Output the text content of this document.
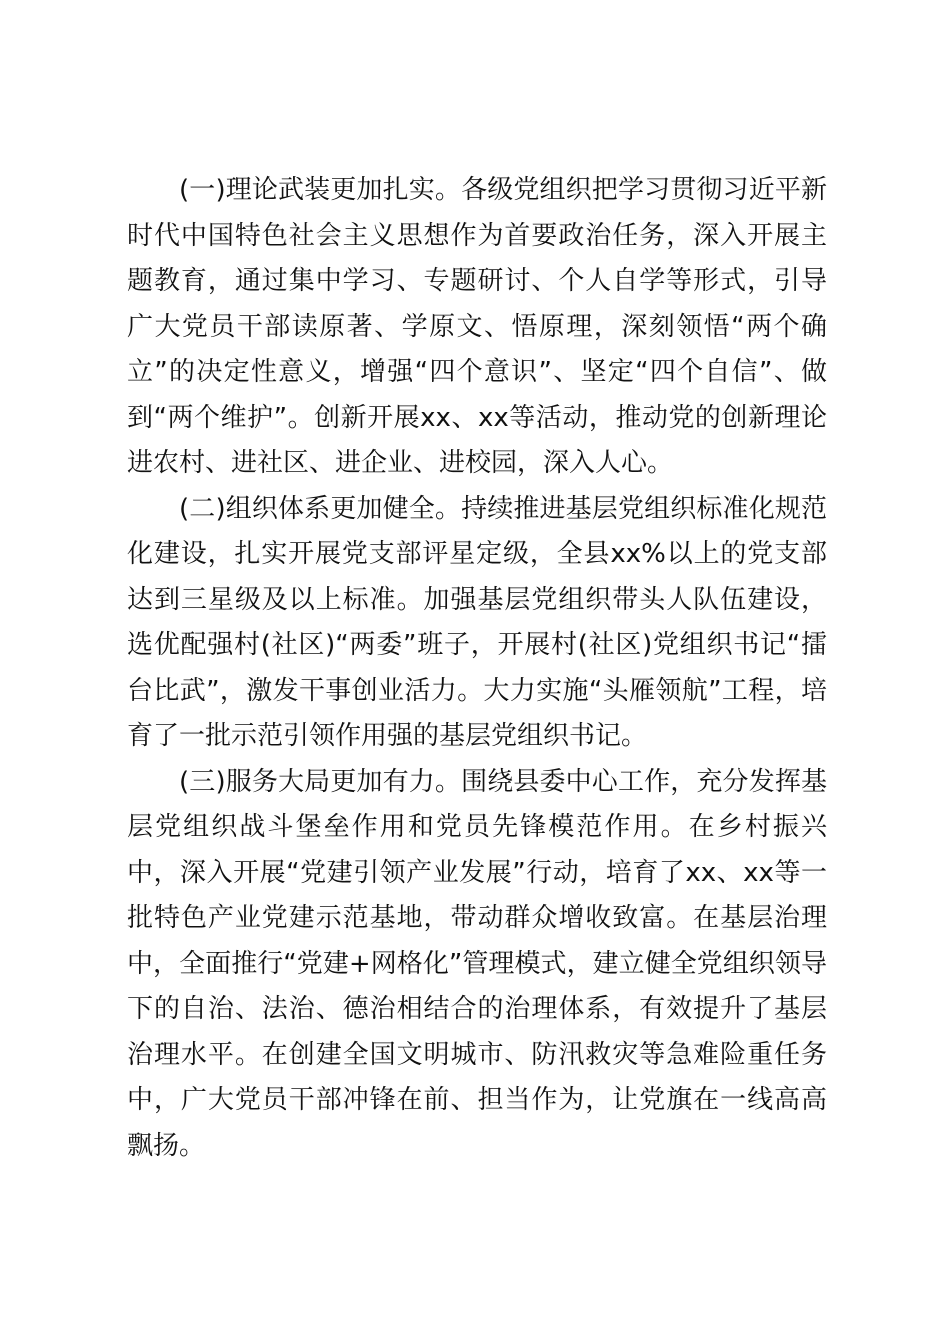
(一)理论武装更加扎实。各级党组织把学习贯彻习近平新时代中国特色社会主义思想作为首要政治任务，深入开展主题教育，通过集中学习、专题研讨、个人自学等形式，引导广大党员干部读原著、学原文、悟原理，深刻领悟“两个确立”的决定性意义，增强“四个意识”、坚定“四个自信”、做到“两个维护”。创新开展xx、xx等活动，推动党的创新理论进农村、进社区、进企业、进校园，深入人心。

(二)组织体系更加健全。持续推进基层党组织标准化规范化建设，扎实开展党支部评星定级，全县xx%以上的党支部达到三星级及以上标准。加强基层党组织带头人队伍建设，选优配强村(社区)“两委”班子，开展村(社区)党组织书记“擂台比武”，激发干事创业活力。大力实施“头雁领航”工程，培育了一批示范引领作用强的基层党组织书记。

(三)服务大局更加有力。围绕县委中心工作，充分发挥基层党组织战斗堡垒作用和党员先锋模范作用。在乡村振兴中，深入开展“党建引领产业发展”行动，培育了xx、xx等一批特色产业党建示范基地，带动群众增收致富。在基层治理中，全面推行“党建+网格化”管理模式，建立健全党组织领导下的自治、法治、德治相结合的治理体系，有效提升了基层治理水平。在创建全国文明城市、防汛救灾等急难险重任务中，广大党员干部冲锋在前、担当作为，让党旗在一线高高飘扬。
